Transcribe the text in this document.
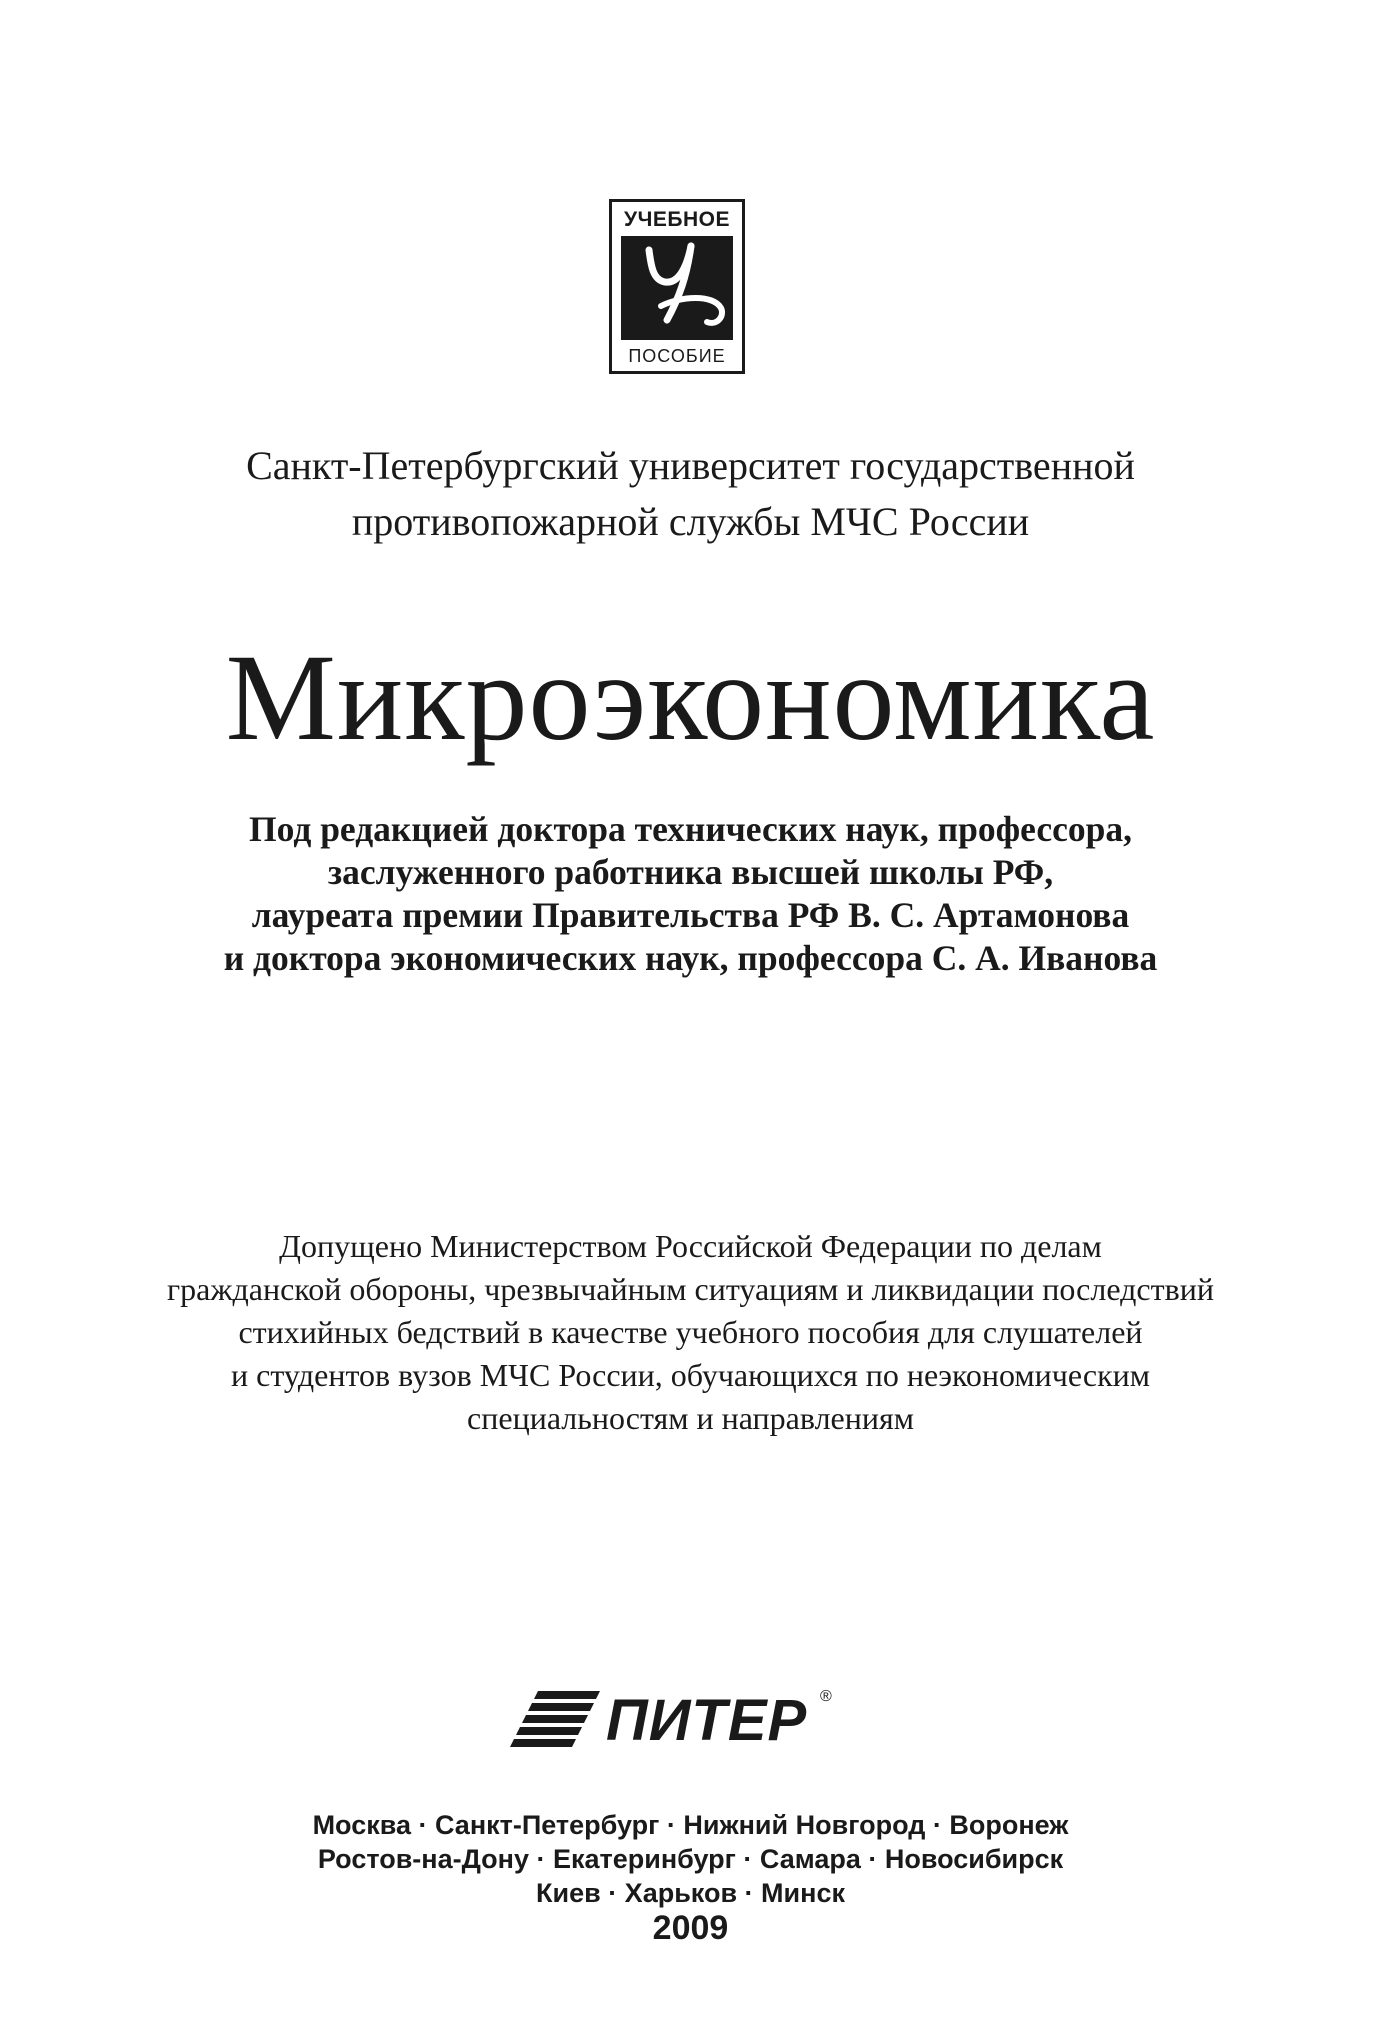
УЧЕБНОЕ
ПОСОБИЕ
Санкт-Петербургский университет государственной
противопожарной службы МЧС России
Микроэкономика
Под редакцией доктора технических наук, профессора,
заслуженного работника высшей школы РФ,
лауреата премии Правительства РФ В. С. Артамонова
и доктора экономических наук, профессора С. А. Иванова
Допущено Министерством Российской Федерации по делам
гражданской обороны, чрезвычайным ситуациям и ликвидации последствий
стихийных бедствий в качестве учебного пособия для слушателей
и студентов вузов МЧС России, обучающихся по неэкономическим
специальностям и направлениям
ПИТЕР ®
Москва · Санкт-Петербург · Нижний Новгород · Воронеж
Ростов-на-Дону · Екатеринбург · Самара · Новосибирск
Киев · Харьков · Минск
2009
